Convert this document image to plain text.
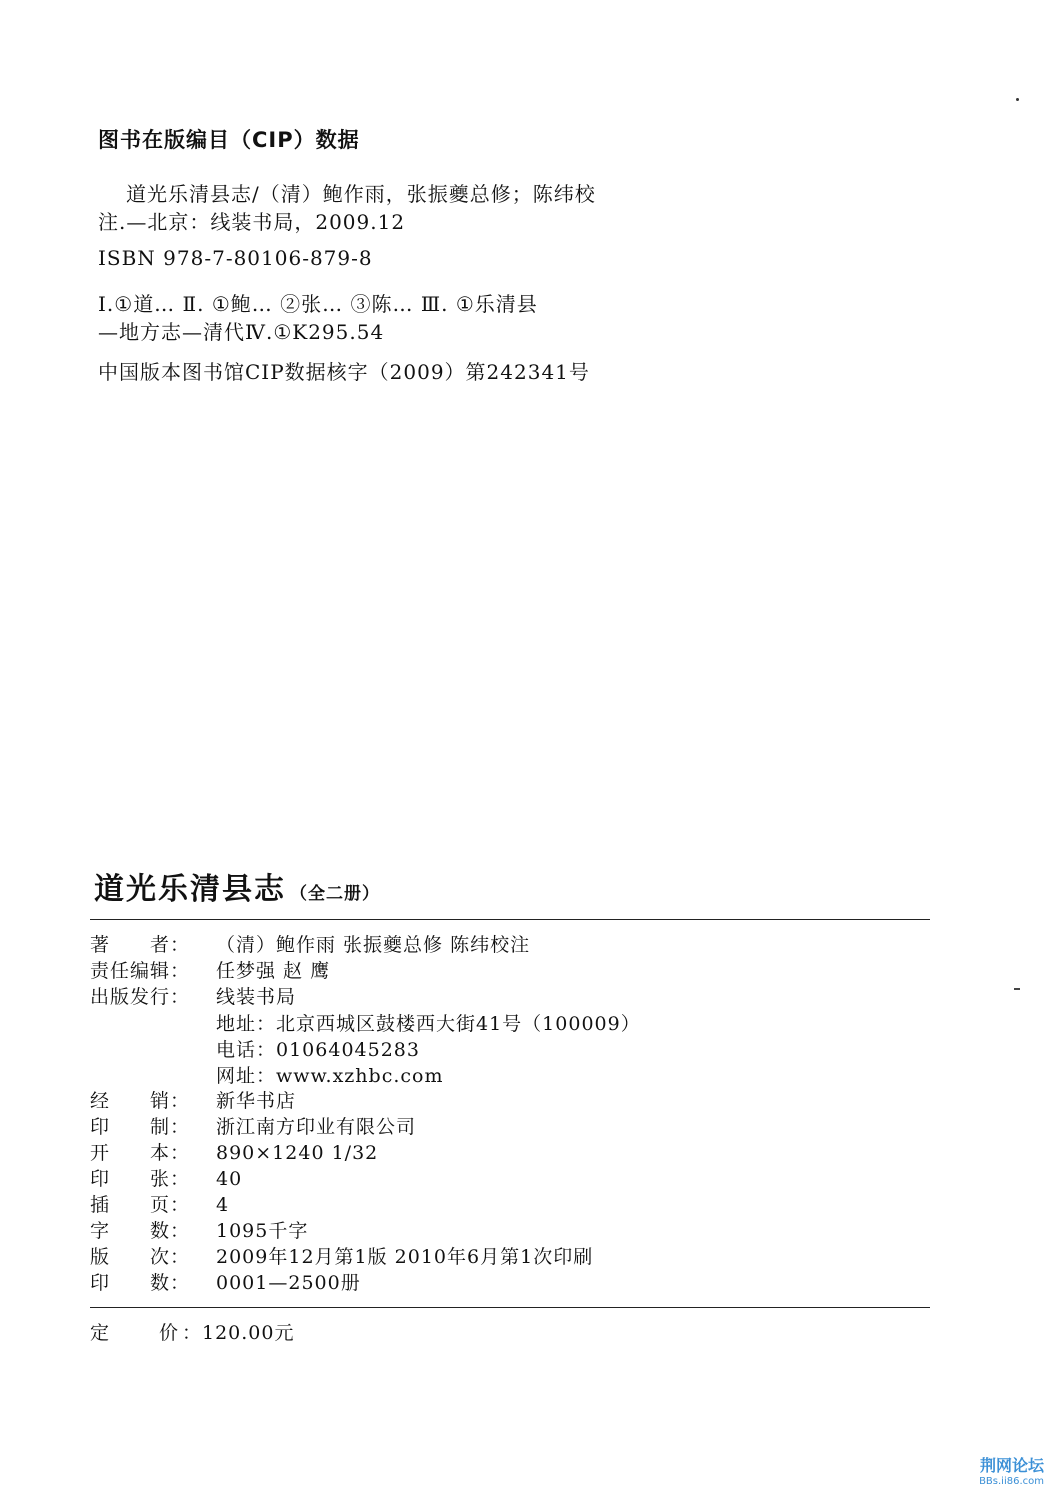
图书在版编目（CIP）数据
道光乐清县志/（清）鲍作雨，张振夔总修；陈纬校
注.—北京：线装书局，2009.12
ISBN 978-7-80106-879-8
Ⅰ.①道… Ⅱ. ①鲍… ②张… ③陈… Ⅲ. ①乐清县
—地方志—清代Ⅳ.①K295.54
中国版本图书馆CIP数据核字（2009）第242341号
道光乐清县志 （全二册）
著　　者： （清）鲍作雨 张振夔总修 陈纬校注
责任编辑： 任梦强 赵 鹰
出版发行： 线装书局
地址：北京西城区鼓楼西大街41号（100009）
电话：01064045283
网址：www.xzhbc.com
经　　销： 新华书店
印　　制： 浙江南方印业有限公司
开　　本： 890×1240 1/32
印　　张： 40
插　　页： 4
字　　数： 1095千字
版　　次： 2009年12月第1版 2010年6月第1次印刷
印　　数： 0001—2500册
定　　价：120.00元
荆网论坛
BBs.ii86.com
